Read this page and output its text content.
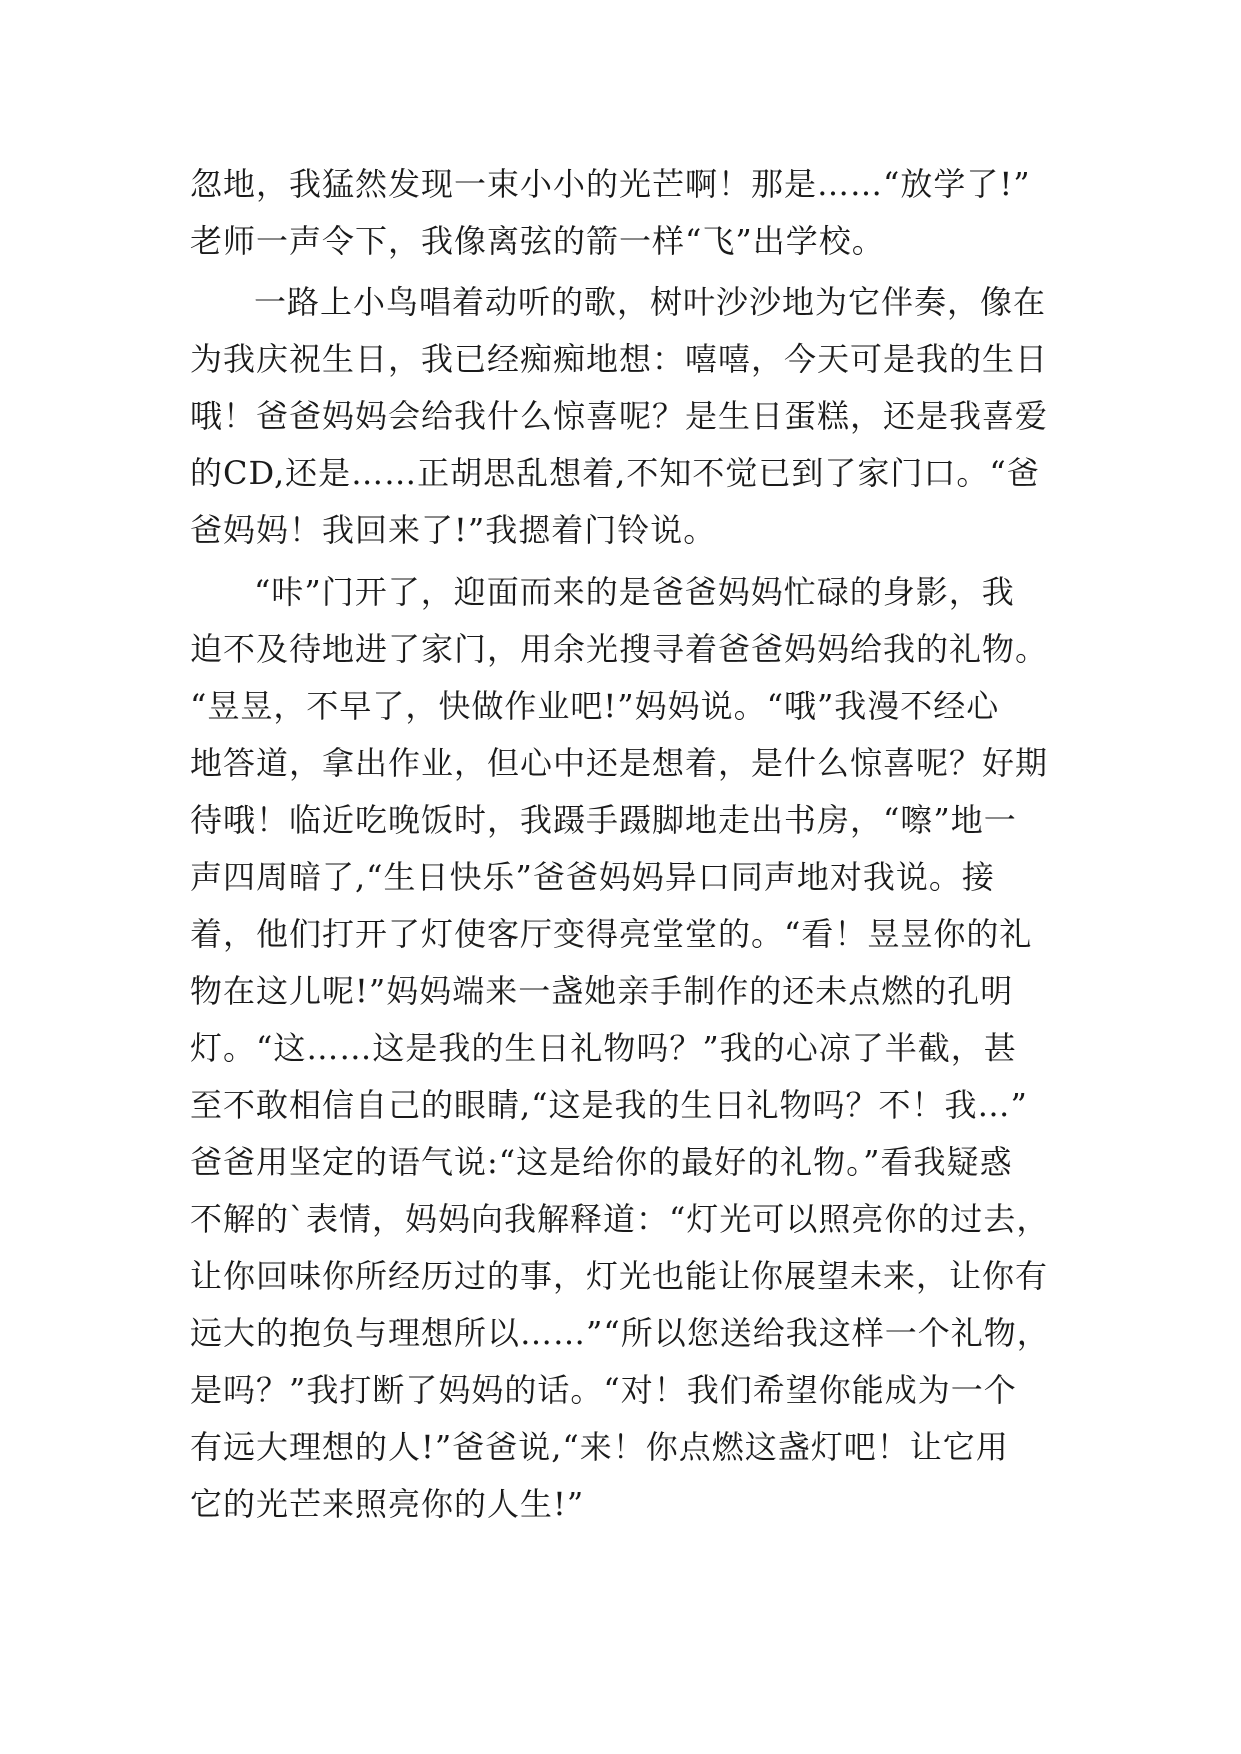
忽地，我猛然发现一束小小的光芒啊！那是……“放学了!”
老师一声令下，我像离弦的箭一样“飞”出学校。
一路上小鸟唱着动听的歌，树叶沙沙地为它伴奏，像在
为我庆祝生日，我已经痴痴地想：嘻嘻，今天可是我的生日
哦！爸爸妈妈会给我什么惊喜呢？是生日蛋糕，还是我喜爱
的CD,还是……正胡思乱想着,不知不觉已到了家门口。“爸
爸妈妈！我回来了!”我摁着门铃说。
“咔”门开了，迎面而来的是爸爸妈妈忙碌的身影，我
迫不及待地进了家门，用余光搜寻着爸爸妈妈给我的礼物。
“昱昱，不早了，快做作业吧!”妈妈说。“哦”我漫不经心
地答道，拿出作业，但心中还是想着，是什么惊喜呢？好期
待哦！临近吃晚饭时，我蹑手蹑脚地走出书房，“嚓”地一
声四周暗了,“生日快乐”爸爸妈妈异口同声地对我说。接
着，他们打开了灯使客厅变得亮堂堂的。“看！昱昱你的礼
物在这儿呢!”妈妈端来一盏她亲手制作的还未点燃的孔明
灯。“这……这是我的生日礼物吗？”我的心凉了半截，甚
至不敢相信自己的眼睛,“这是我的生日礼物吗？不！我…”
爸爸用坚定的语气说:“这是给你的最好的礼物。”看我疑惑
不解的`表情，妈妈向我解释道：“灯光可以照亮你的过去，
让你回味你所经历过的事，灯光也能让你展望未来，让你有
远大的抱负与理想所以……”“所以您送给我这样一个礼物，
是吗？”我打断了妈妈的话。“对！我们希望你能成为一个
有远大理想的人!”爸爸说,“来！你点燃这盏灯吧！让它用
它的光芒来照亮你的人生!”
